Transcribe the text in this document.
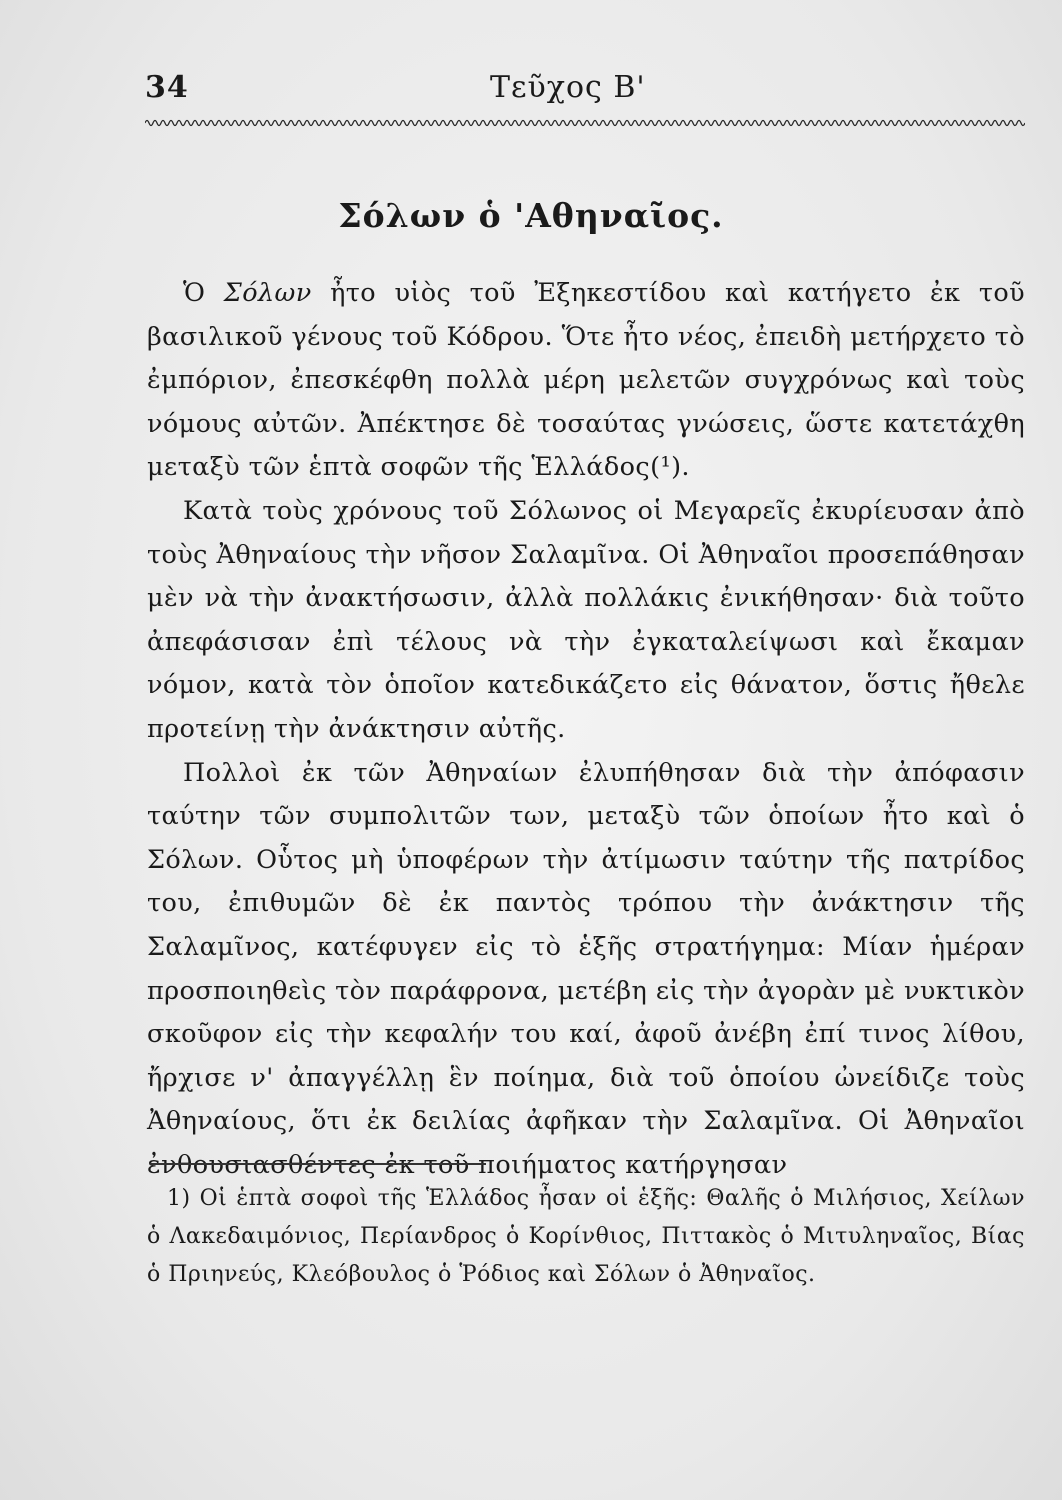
34	Τεῦχος Β'
Σόλων ὁ 'Αθηναῖος.

Ὁ Σόλων ἦτο υἱὸς τοῦ Ἐξηκεστίδου καὶ κατήγετο ἐκ τοῦ βασιλικοῦ γένους τοῦ Κόδρου. Ὅτε ἦτο νέος, ἐπειδὴ μετήρχετο τὸ ἐμπόριον, ἐπεσκέφθη πολλὰ μέρη μελετῶν συγχρόνως καὶ τοὺς νόμους αὐτῶν. Ἀπέκτησε δὲ τοσαύτας γνώσεις, ὥστε κατετάχθη μεταξὺ τῶν ἑπτὰ σοφῶν τῆς Ἑλλάδος(¹).

Κατὰ τοὺς χρόνους τοῦ Σόλωνος οἱ Μεγαρεῖς ἐκυρίευσαν ἀπὸ τοὺς Ἀθηναίους τὴν νῆσον Σαλαμῖνα. Οἱ Ἀθηναῖοι προσεπάθησαν μὲν νὰ τὴν ἀνακτήσωσιν, ἀλλὰ πολλάκις ἐνικήθησαν· διὰ τοῦτο ἀπεφάσισαν ἐπὶ τέλους νὰ τὴν ἐγκαταλείψωσι καὶ ἔκαμαν νόμον, κατὰ τὸν ὁποῖον κατεδικάζετο εἰς θάνατον, ὅστις ἤθελε προτείνῃ τὴν ἀνάκτησιν αὐτῆς.

Πολλοὶ ἐκ τῶν Ἀθηναίων ἐλυπήθησαν διὰ τὴν ἀπόφασιν ταύτην τῶν συμπολιτῶν των, μεταξὺ τῶν ὁποίων ἦτο καὶ ὁ Σόλων. Οὗτος μὴ ὑποφέρων τὴν ἀτίμωσιν ταύτην τῆς πατρίδος του, ἐπιθυμῶν δὲ ἐκ παντὸς τρόπου τὴν ἀνάκτησιν τῆς Σαλαμῖνος, κατέφυγεν εἰς τὸ ἑξῆς στρατήγημα: Μίαν ἡμέραν προσποιηθεὶς τὸν παράφρονα, μετέβη εἰς τὴν ἀγορὰν μὲ νυκτικὸν σκοῦφον εἰς τὴν κεφαλήν του καί, ἀφοῦ ἀνέβη ἐπί τινος λίθου, ἤρχισε ν' ἀπαγγέλλῃ ἓν ποίημα, διὰ τοῦ ὁποίου ὠνείδιζε τοὺς Ἀθηναίους, ὅτι ἐκ δειλίας ἀφῆκαν τὴν Σαλαμῖνα. Οἱ Ἀθηναῖοι ἐνθουσιασθέντες ἐκ τοῦ ποιήματος κατήργησαν

1) Οἱ ἑπτὰ σοφοὶ τῆς Ἑλλάδος ἦσαν οἱ ἑξῆς: Θαλῆς ὁ Μιλήσιος, Χείλων ὁ Λακεδαιμόνιος, Περίανδρος ὁ Κορίνθιος, Πιττακὸς ὁ Μιτυληναῖος, Βίας ὁ Πριηνεύς, Κλεόβουλος ὁ Ῥόδιος καὶ Σόλων ὁ Ἀθηναῖος.
